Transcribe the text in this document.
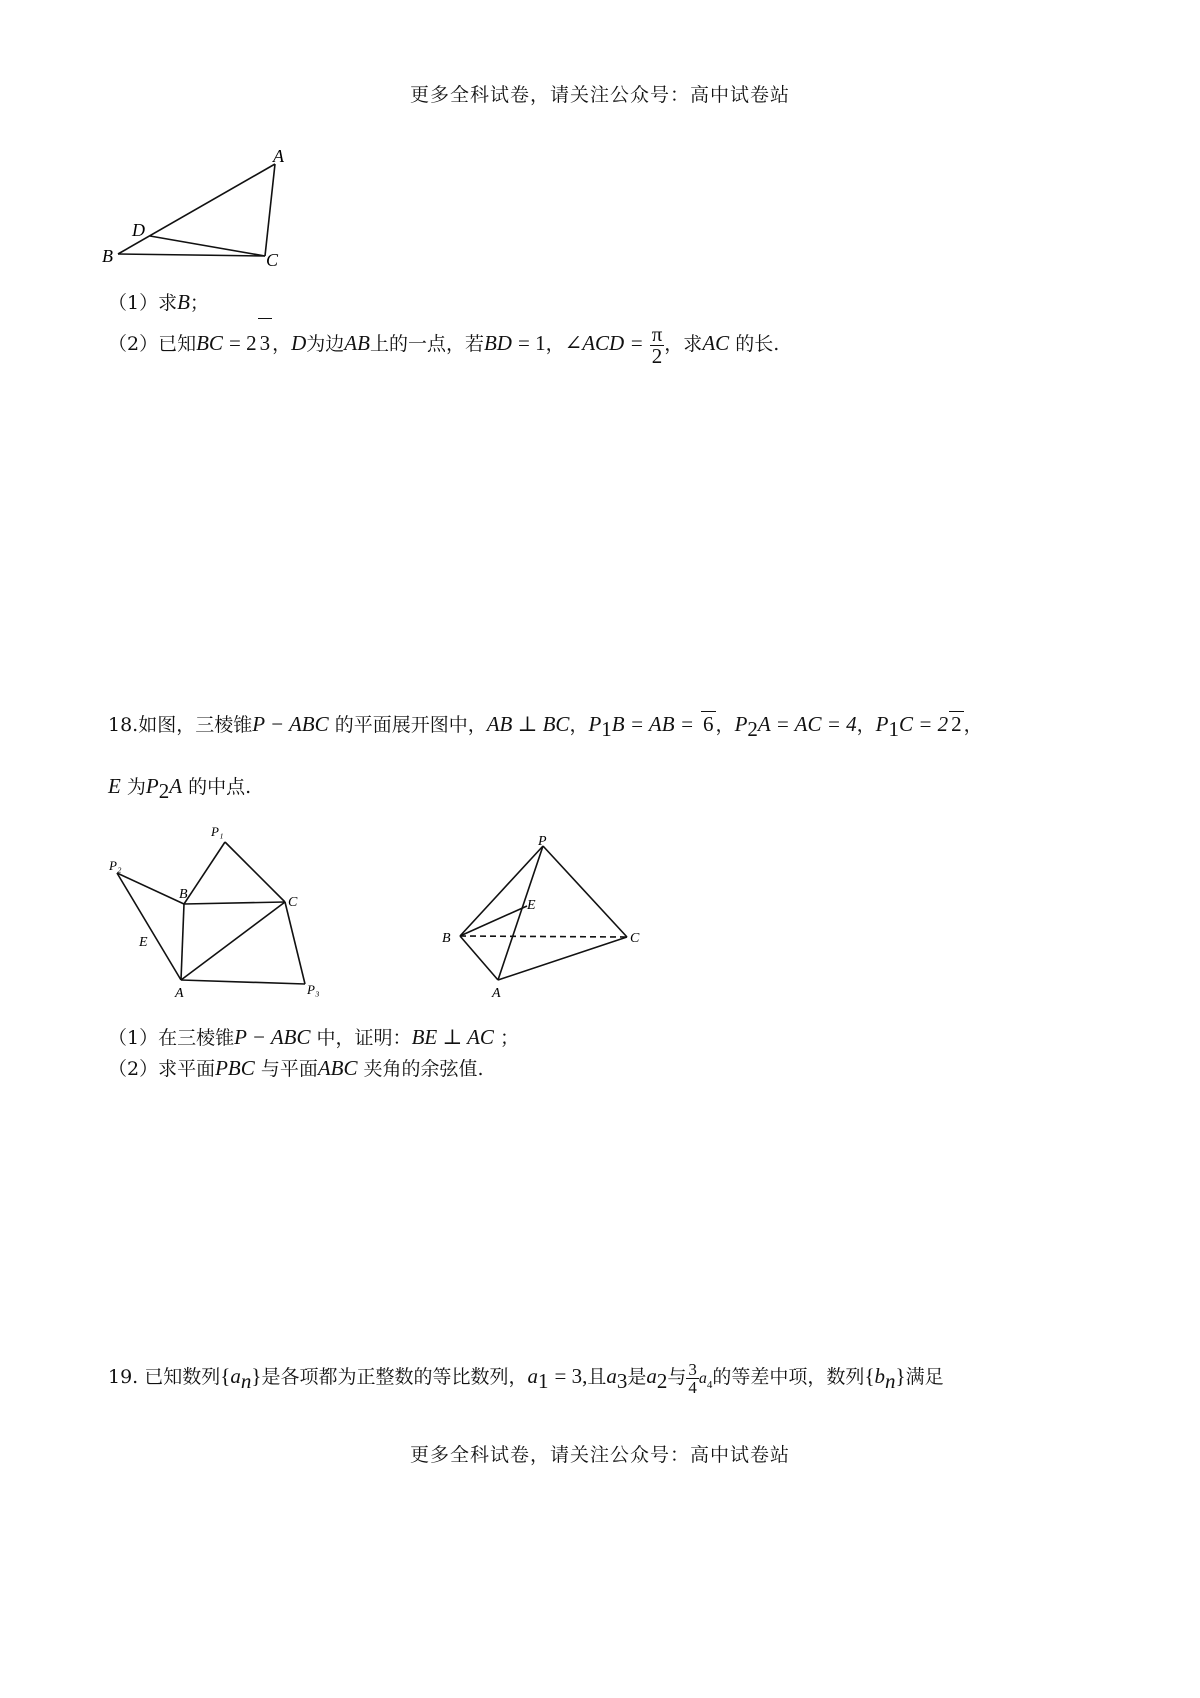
更多全科试卷，请关注公众号：高中试卷站
A
B	C
D
（1）求B；
（2）已知BC = 2 3 ，D为边AB上的一点，若BD = 1，∠ACD = $\frac{\pi}{2}$ ，求AC 的长.
18.如图，三棱锥P − ABC 的平面展开图中，AB ⊥ BC，$P_1B$ = AB = 6 ，$P_2A$ = AC = 4，$P_1C = 2$ 2 ，
E 为$P_2A$ 的中点.
P₁
P₂
P₃
A
B
C
E
P
B	C
A
E
（1）在三棱锥P − ABC 中，证明：BE ⊥ AC ；
（2）求平面PBC 与平面ABC 夹角的余弦值.
19. 已知数列$\{a_n\}$是各项都为正整数的等比数列，$a_1 = 3$,且$a_3$是$a_2$与 $\frac{3}{4} a_4$的等差中项，数列$\{b_n\}$满足
更多全科试卷，请关注公众号：高中试卷站
